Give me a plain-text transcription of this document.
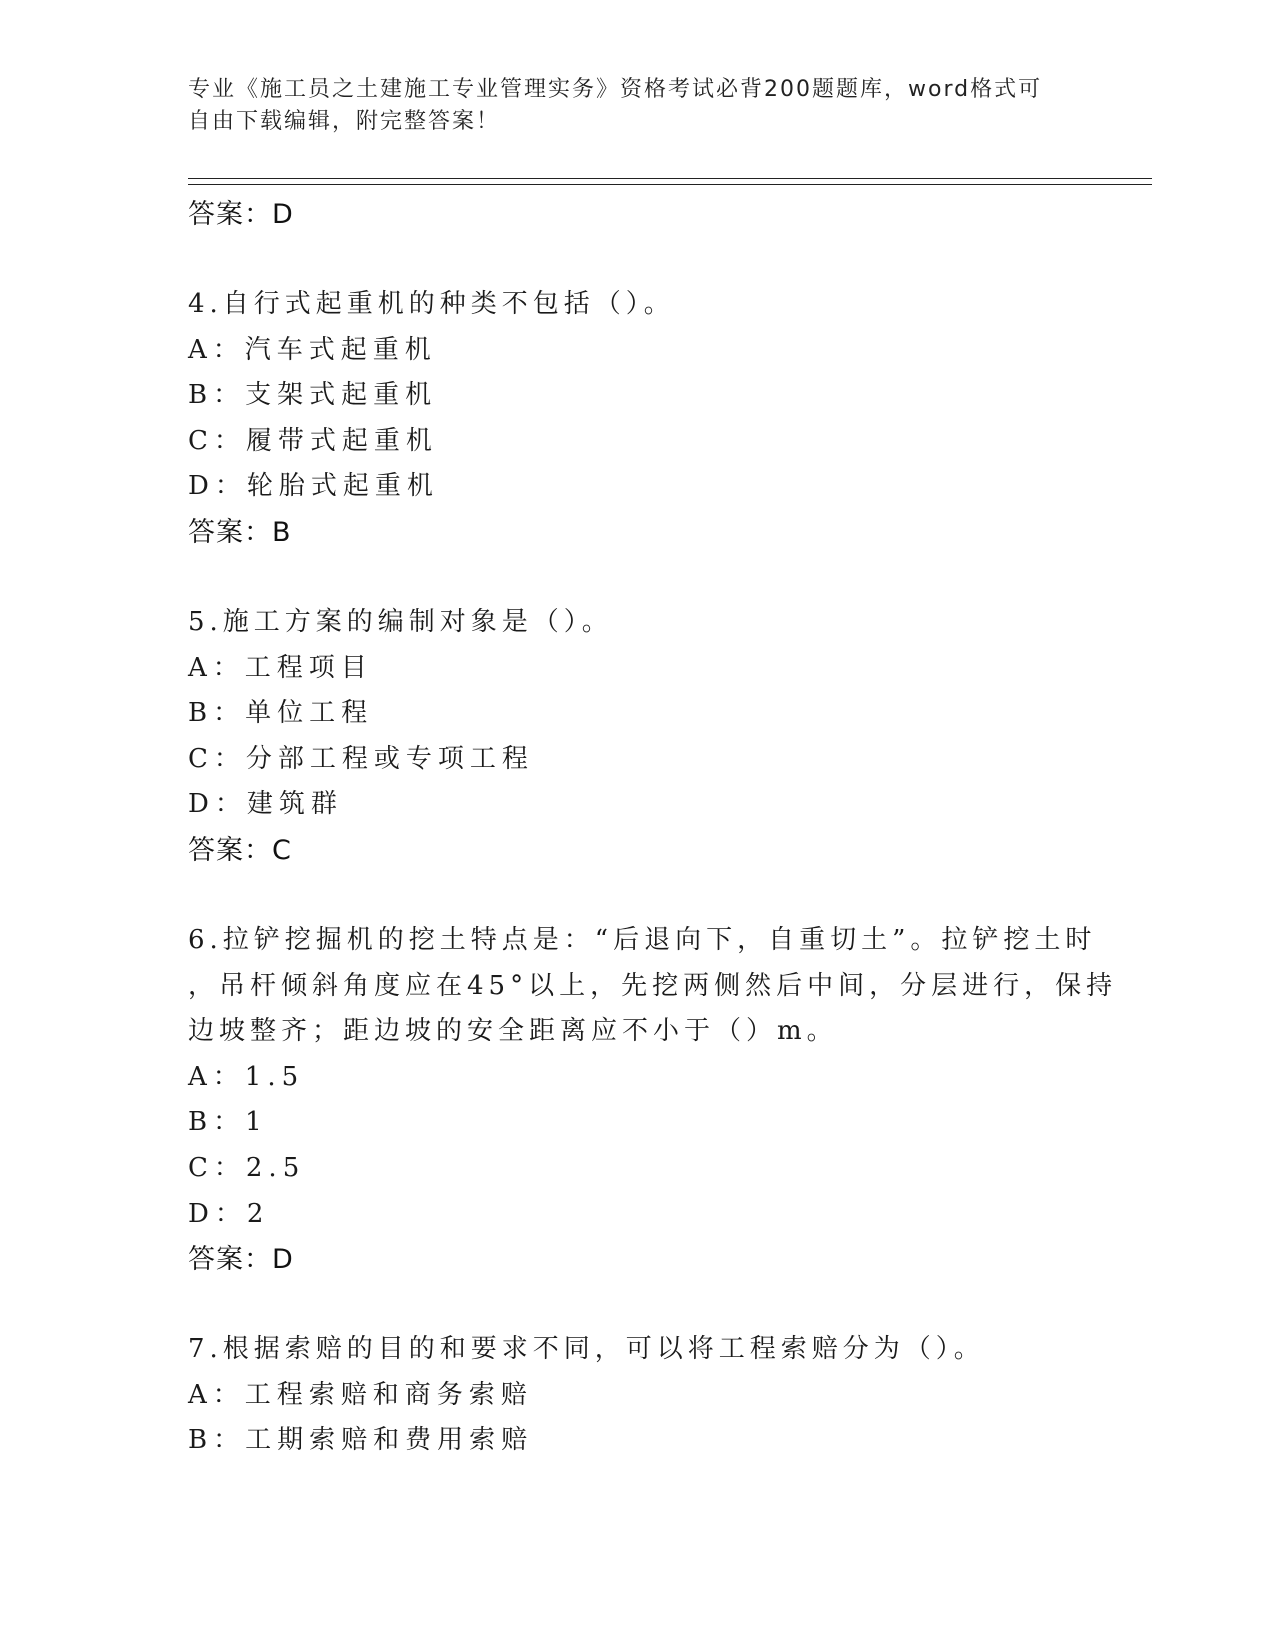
专业《施工员之土建施工专业管理实务》资格考试必背200题题库，word格式可
自由下载编辑，附完整答案！
答案：D
4.自行式起重机的种类不包括（）。
A：汽车式起重机
B：支架式起重机
C：履带式起重机
D：轮胎式起重机
答案：B
5.施工方案的编制对象是（）。
A：工程项目
B：单位工程
C：分部工程或专项工程
D：建筑群
答案：C
6.拉铲挖掘机的挖土特点是：“后退向下，自重切土”。拉铲挖土时
，吊杆倾斜角度应在45°以上，先挖两侧然后中间，分层进行，保持
边坡整齐；距边坡的安全距离应不小于（）m。
A：1.5
B：1
C：2.5
D：2
答案：D
7.根据索赔的目的和要求不同，可以将工程索赔分为（）。
A：工程索赔和商务索赔
B：工期索赔和费用索赔
